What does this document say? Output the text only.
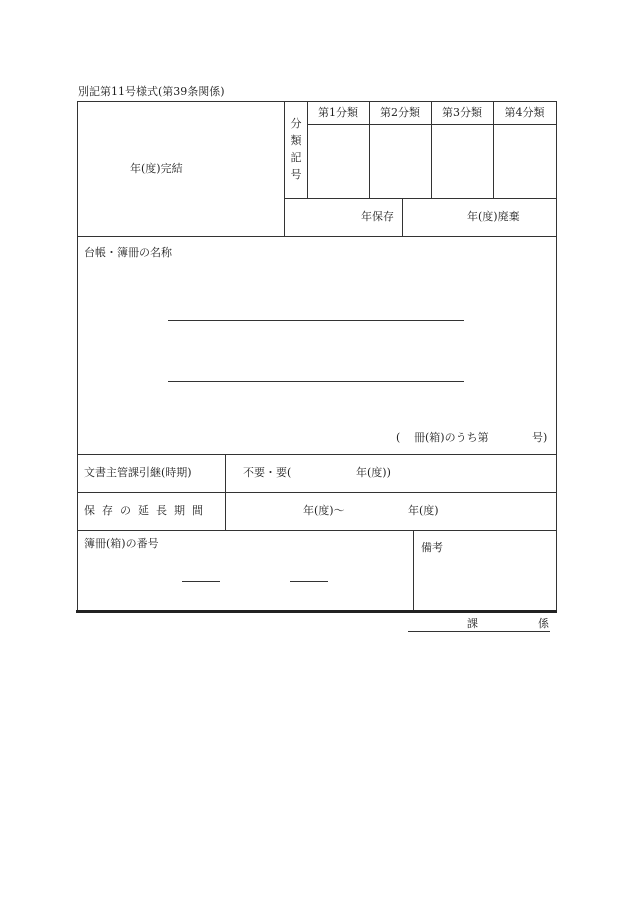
別記第11号様式(第39条関係)
年(度)完結
分
類
記
号
第1分類	第2分類	第3分類	第4分類
年保存	年(度)廃棄
台帳・簿冊の名称
( 冊(箱)のうち第	号)
文書主管課引継(時期)	不要・要(	年(度))
保存の延長期間	年(度)〜	年(度)
簿冊(箱)の番号	備考
課	係
